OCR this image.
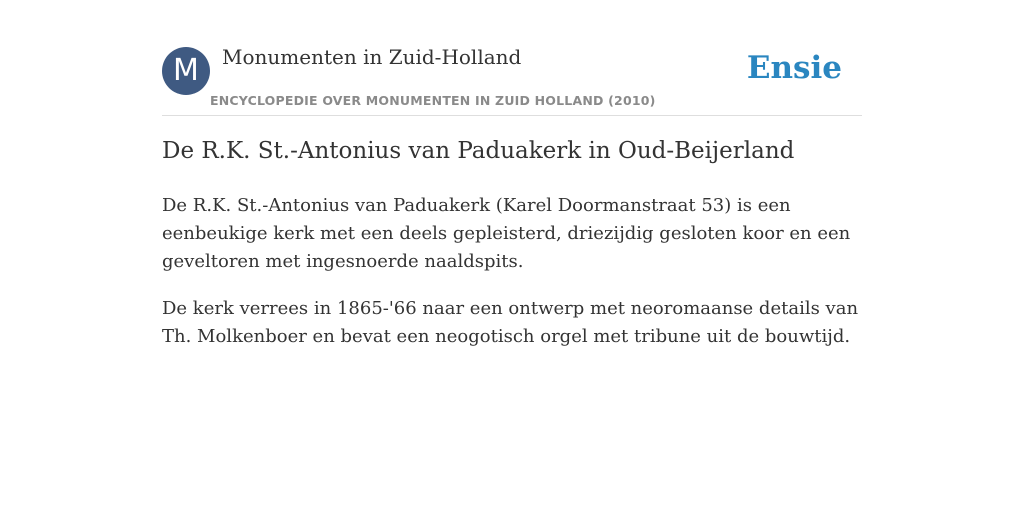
M	Monumenten in Zuid-Holland
ENCYCLOPEDIE OVER MONUMENTEN IN ZUID HOLLAND (2010)
Ensie
De R.K. St.-Antonius van Paduakerk in Oud-Beijerland

De R.K. St.-Antonius van Paduakerk (Karel Doormanstraat 53) is een eenbeukige kerk met een deels gepleisterd, driezijdig gesloten koor en een geveltoren met ingesnoerde naaldspits.

De kerk verrees in 1865-'66 naar een ontwerp met neoromaanse details van Th. Molkenboer en bevat een neogotisch orgel met tribune uit de bouwtijd.
